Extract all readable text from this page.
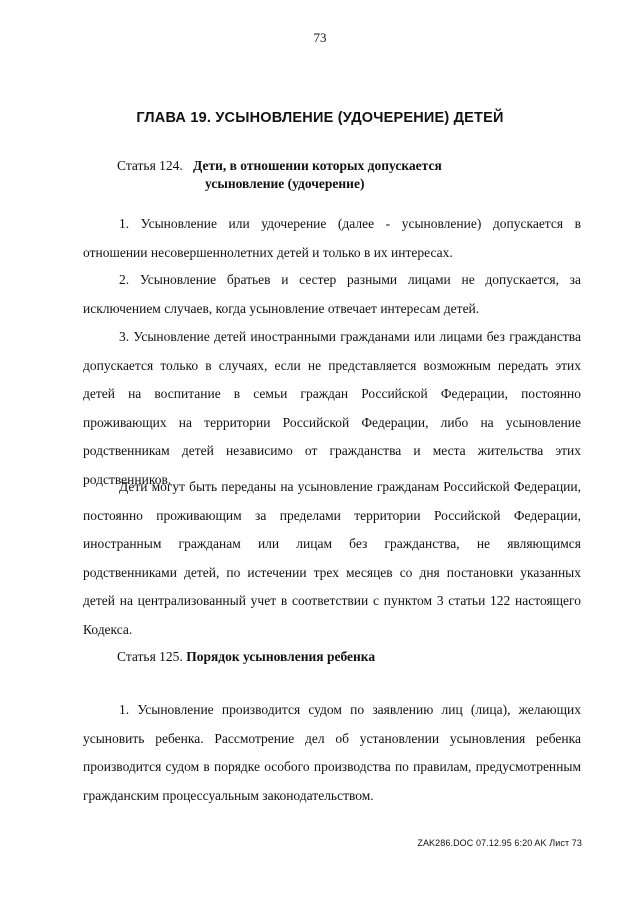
73
ГЛАВА 19. УСЫНОВЛЕНИЕ (УДОЧЕРЕНИЕ) ДЕТЕЙ
Статья 124. Дети, в отношении которых допускается
усыновление (удочерение)

1. Усыновление или удочерение (далее - усыновление) допускается в отношении несовершеннолетних детей и только в их интересах.

2. Усыновление братьев и сестер разными лицами не допускается, за исключением случаев, когда усыновление отвечает интересам детей.

3. Усыновление детей иностранными гражданами или лицами без гражданства допускается только в случаях, если не представляется возможным передать этих детей на воспитание в семьи граждан Российской Федерации, постоянно проживающих на территории Российской Федерации, либо на усыновление родственникам детей независимо от гражданства и места жительства этих родственников.

Дети могут быть переданы на усыновление гражданам Российской Федерации, постоянно проживающим за пределами территории Российской Федерации, иностранным гражданам или лицам без гражданства, не являющимся родственниками детей, по истечении трех месяцев со дня постановки указанных детей на централизованный учет в соответствии с пунктом 3 статьи 122 настоящего Кодекса.

Статья 125. Порядок усыновления ребенка

1. Усыновление производится судом по заявлению лиц (лица), желающих усыновить ребенка. Рассмотрение дел об установлении усыновления ребенка производится судом в порядке особого производства по правилам, предусмотренным гражданским процессуальным законодательством.

ZAK286.DOC 07.12.95 6:20 AK Лист 73
